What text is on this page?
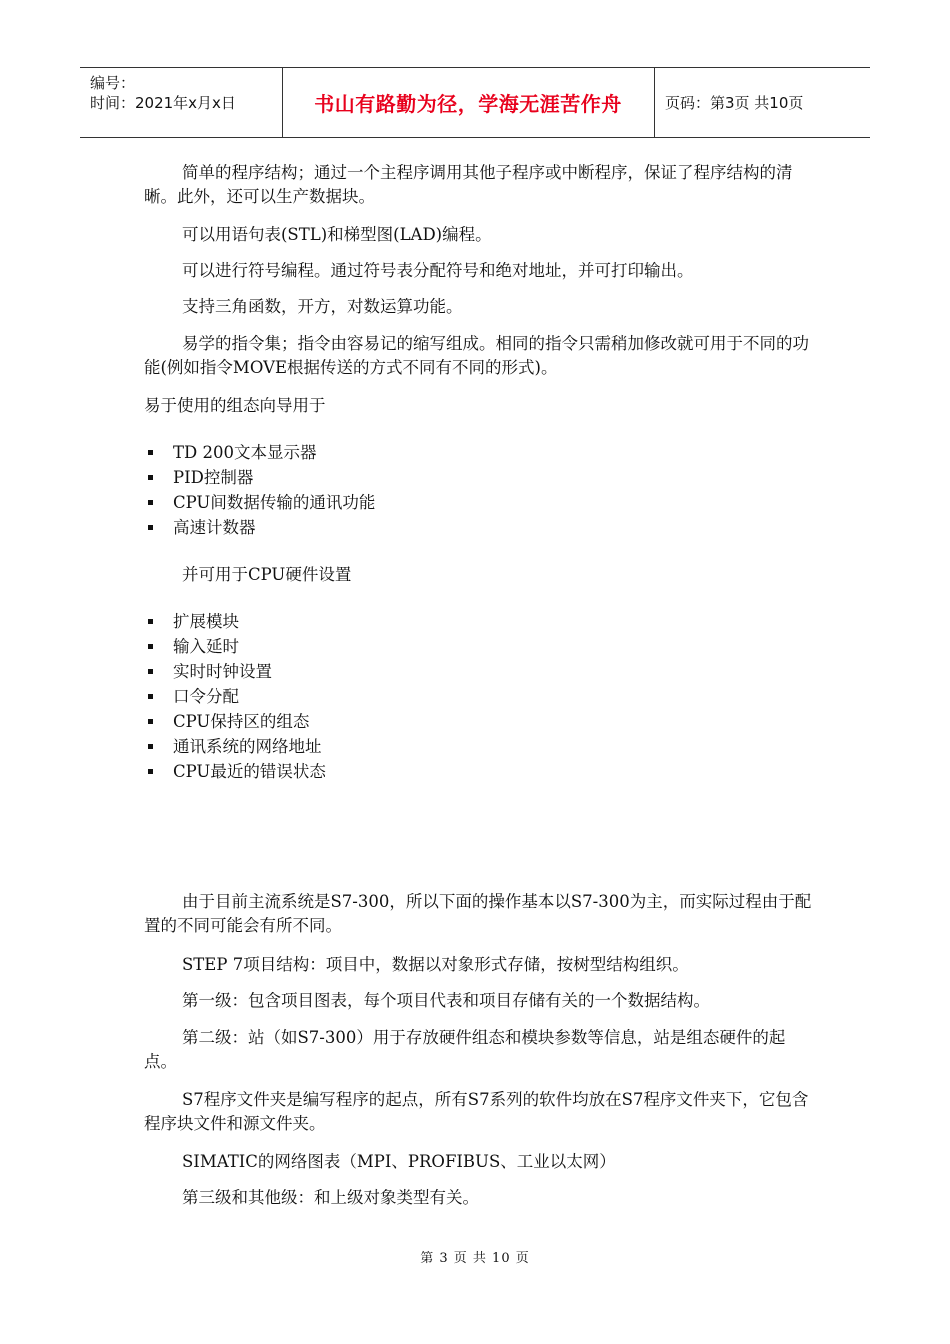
编号：
时间：2021年x月x日	书山有路勤为径，学海无涯苦作舟	页码：第3页 共10页

简单的程序结构；通过一个主程序调用其他子程序或中断程序，保证了程序结构的清晰。此外，还可以生产数据块。

可以用语句表(STL)和梯型图(LAD)编程。

可以进行符号编程。通过符号表分配符号和绝对地址，并可打印输出。

支持三角函数，开方，对数运算功能。

易学的指令集；指令由容易记的缩写组成。相同的指令只需稍加修改就可用于不同的功能(例如指令MOVE根据传送的方式不同有不同的形式)。

易于使用的组态向导用于

TD 200文本显示器
PID控制器
CPU间数据传输的通讯功能
高速计数器

并可用于CPU硬件设置

扩展模块
输入延时
实时时钟设置
口令分配
CPU保持区的组态
通讯系统的网络地址
CPU最近的错误状态

由于目前主流系统是S7-300，所以下面的操作基本以S7-300为主，而实际过程由于配置的不同可能会有所不同。

STEP 7项目结构：项目中，数据以对象形式存储，按树型结构组织。

第一级：包含项目图表，每个项目代表和项目存储有关的一个数据结构。

第二级：站（如S7-300）用于存放硬件组态和模块参数等信息，站是组态硬件的起点。

S7程序文件夹是编写程序的起点，所有S7系列的软件均放在S7程序文件夹下，它包含程序块文件和源文件夹。

SIMATIC的网络图表（MPI、PROFIBUS、工业以太网）

第三级和其他级：和上级对象类型有关。

第 3 页 共 10 页
